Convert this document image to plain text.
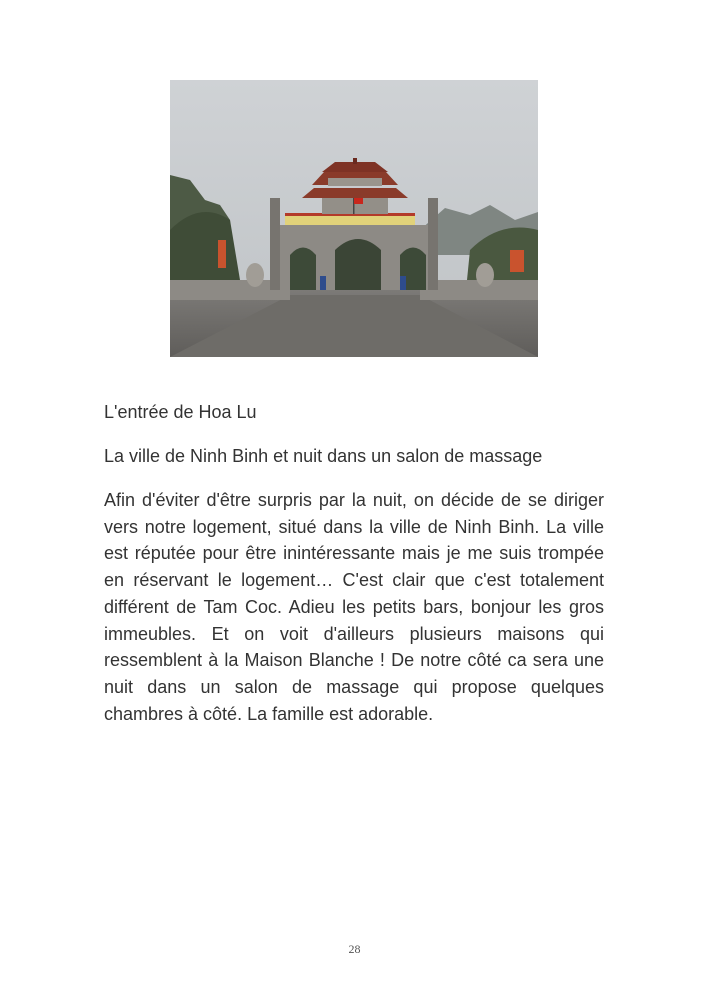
L'entrée de Hoa Lu
La ville de Ninh Binh et nuit dans un salon de massage

Afin d'éviter d'être surpris par la nuit, on décide de se diriger vers notre logement, situé dans la ville de Ninh Binh. La ville est réputée pour être inintéressante mais je me suis trompée en réservant le logement… C'est clair que c'est totalement différent de Tam Coc. Adieu les petits bars, bonjour les gros immeubles. Et on voit d'ailleurs plusieurs maisons qui ressemblent à la Maison Blanche ! De notre côté ca sera une nuit dans un salon de massage qui propose quelques chambres à côté. La famille est adorable.

28
